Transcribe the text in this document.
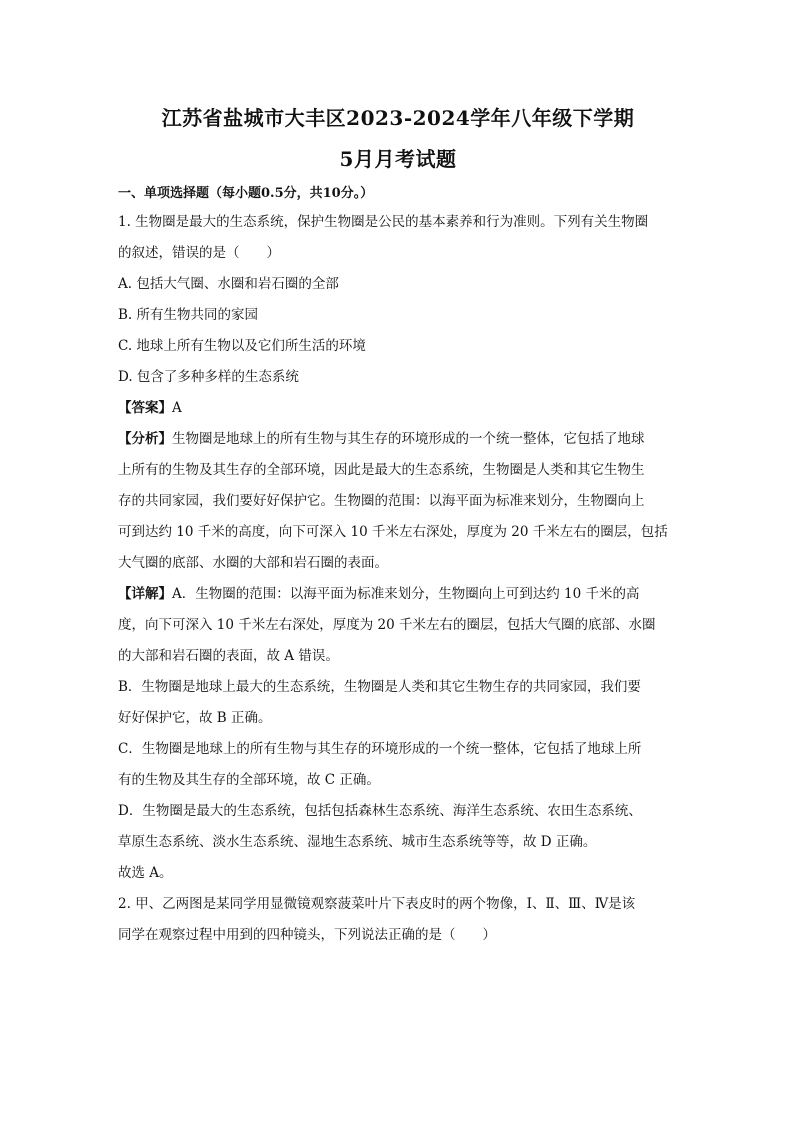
江苏省盐城市大丰区2023-2024学年八年级下学期

5月月考试题

一、单项选择题（每小题0.5分，共10分。）

1. 生物圈是最大的生态系统，保护生物圈是公民的基本素养和行为准则。下列有关生物圈

的叙述，错误的是（　　）

A. 包括大气圈、水圈和岩石圈的全部

B. 所有生物共同的家园

C. 地球上所有生物以及它们所生活的环境

D. 包含了多种多样的生态系统

【答案】A

【分析】生物圈是地球上的所有生物与其生存的环境形成的一个统一整体，它包括了地球

上所有的生物及其生存的全部环境，因此是最大的生态系统，生物圈是人类和其它生物生

存的共同家园，我们要好好保护它。生物圈的范围：以海平面为标准来划分，生物圈向上

可到达约 10 千米的高度，向下可深入 10 千米左右深处，厚度为 20 千米左右的圈层，包括

大气圈的底部、水圈的大部和岩石圈的表面。

【详解】A．生物圈的范围：以海平面为标准来划分，生物圈向上可到达约 10 千米的高

度，向下可深入 10 千米左右深处，厚度为 20 千米左右的圈层，包括大气圈的底部、水圈

的大部和岩石圈的表面，故 A 错误。

B．生物圈是地球上最大的生态系统，生物圈是人类和其它生物生存的共同家园，我们要

好好保护它，故 B 正确。

C．生物圈是地球上的所有生物与其生存的环境形成的一个统一整体，它包括了地球上所

有的生物及其生存的全部环境，故 C 正确。

D．生物圈是最大的生态系统，包括包括森林生态系统、海洋生态系统、农田生态系统、

草原生态系统、淡水生态系统、湿地生态系统、城市生态系统等等，故 D 正确。

故选 A。

2. 甲、乙两图是某同学用显微镜观察菠菜叶片下表皮时的两个物像，Ⅰ、Ⅱ、Ⅲ、Ⅳ是该

同学在观察过程中用到的四种镜头，下列说法正确的是（　　）
